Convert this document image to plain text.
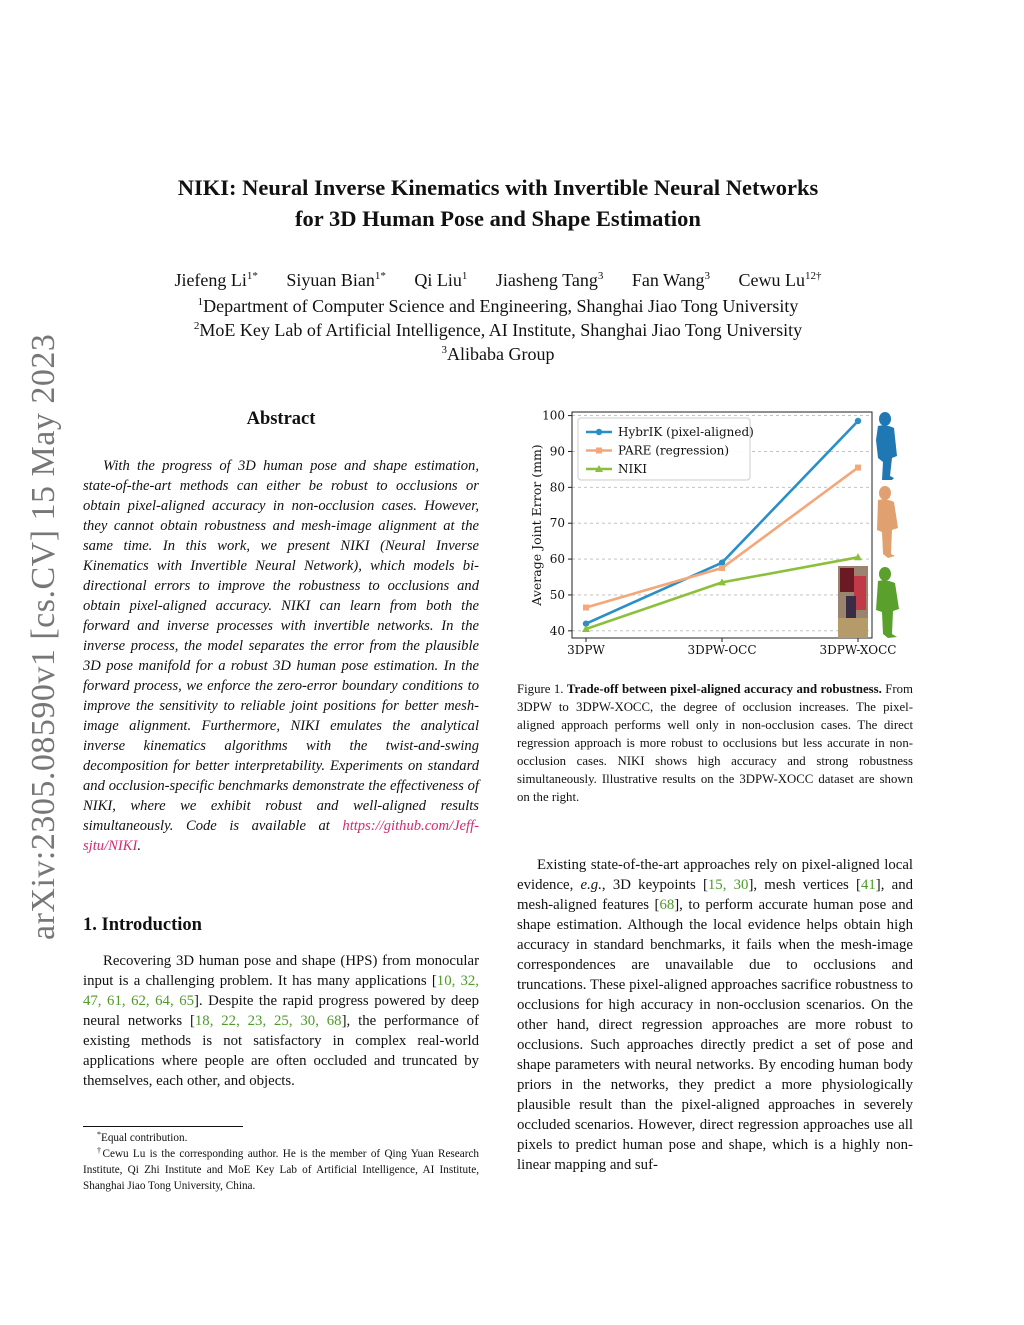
arXiv:2305.08590v1 [cs.CV] 15 May 2023
NIKI: Neural Inverse Kinematics with Invertible Neural Networks
for 3D Human Pose and Shape Estimation
Jiefeng $Li^{1*}$ Siyuan Bian$^{1*}$ Qi Liu$^1$ Jiasheng Tang$^3$ Fan Wang$^3$ Cewu $Lu^{12\dagger}$
$^1$Department of Computer Science and Engineering, Shanghai Jiao Tong University
$^2$MoE Key Lab of Artificial Intelligence, AI Institute, Shanghai Jiao Tong University
$^3$Alibaba Group
Abstract

With the progress of 3D human pose and shape estimation, state-of-the-art methods can either be robust to occlusions or obtain pixel-aligned accuracy in non-occlusion cases. However, they cannot obtain robustness and mesh-image alignment at the same time. In this work, we present NIKI (Neural Inverse Kinematics with Invertible Neural Network), which models bi-directional errors to improve the robustness to occlusions and obtain pixel-aligned accuracy. NIKI can learn from both the forward and inverse processes with invertible networks. In the inverse process, the model separates the error from the plausible 3D pose manifold for a robust 3D human pose estimation. In the forward process, we enforce the zero-error boundary conditions to improve the sensitivity to reliable joint positions for better mesh-image alignment. Furthermore, NIKI emulates the analytical inverse kinematics algorithms with the twist-and-swing decomposition for better interpretability. Experiments on standard and occlusion-specific benchmarks demonstrate the effectiveness of NIKI, where we exhibit robust and well-aligned results simultaneously. Code is available at https://github.com/Jeff-sjtu/NIKI.

1. Introduction

Recovering 3D human pose and shape (HPS) from monocular input is a challenging problem. It has many applications [10, 32, 47, 61, 62, 64, 65]. Despite the rapid progress powered by deep neural networks [18, 22, 23, 25, 30, 68], the performance of existing methods is not satisfactory in complex real-world applications where people are often occluded and truncated by themselves, each other, and objects.

*Equal contribution.

†Cewu Lu is the corresponding author. He is the member of Qing Yuan Research Institute, Qi Zhi Institute and MoE Key Lab of Artificial Intelligence, AI Institute, Shanghai Jiao Tong University, China.

Average Joint Error (mm)
40
50
60
70
80
90
100
3DPW	3DPW-OCC	3DPW-XOCC
HybrIK (pixel-aligned)
PARE (regression)
NIKI

Figure 1. Trade-off between pixel-aligned accuracy and robustness. From 3DPW to 3DPW-XOCC, the degree of occlusion increases. The pixel-aligned approach performs well only in non-occlusion cases. The direct regression approach is more robust to occlusions but less accurate in non-occlusion cases. NIKI shows high accuracy and strong robustness simultaneously. Illustrative results on the 3DPW-XOCC dataset are shown on the right.

Existing state-of-the-art approaches rely on pixel-aligned local evidence, e.g., 3D keypoints [15, 30], mesh vertices [41], and mesh-aligned features [68], to perform accurate human pose and shape estimation. Although the local evidence helps obtain high accuracy in standard benchmarks, it fails when the mesh-image correspondences are unavailable due to occlusions and truncations. These pixel-aligned approaches sacrifice robustness to occlusions for high accuracy in non-occlusion scenarios. On the other hand, direct regression approaches are more robust to occlusions. Such approaches directly predict a set of pose and shape parameters with neural networks. By encoding human body priors in the networks, they predict a more physiologically plausible result than the pixel-aligned approaches in severely occluded scenarios. However, direct regression approaches use all pixels to predict human pose and shape, which is a highly non-linear mapping and suf-
